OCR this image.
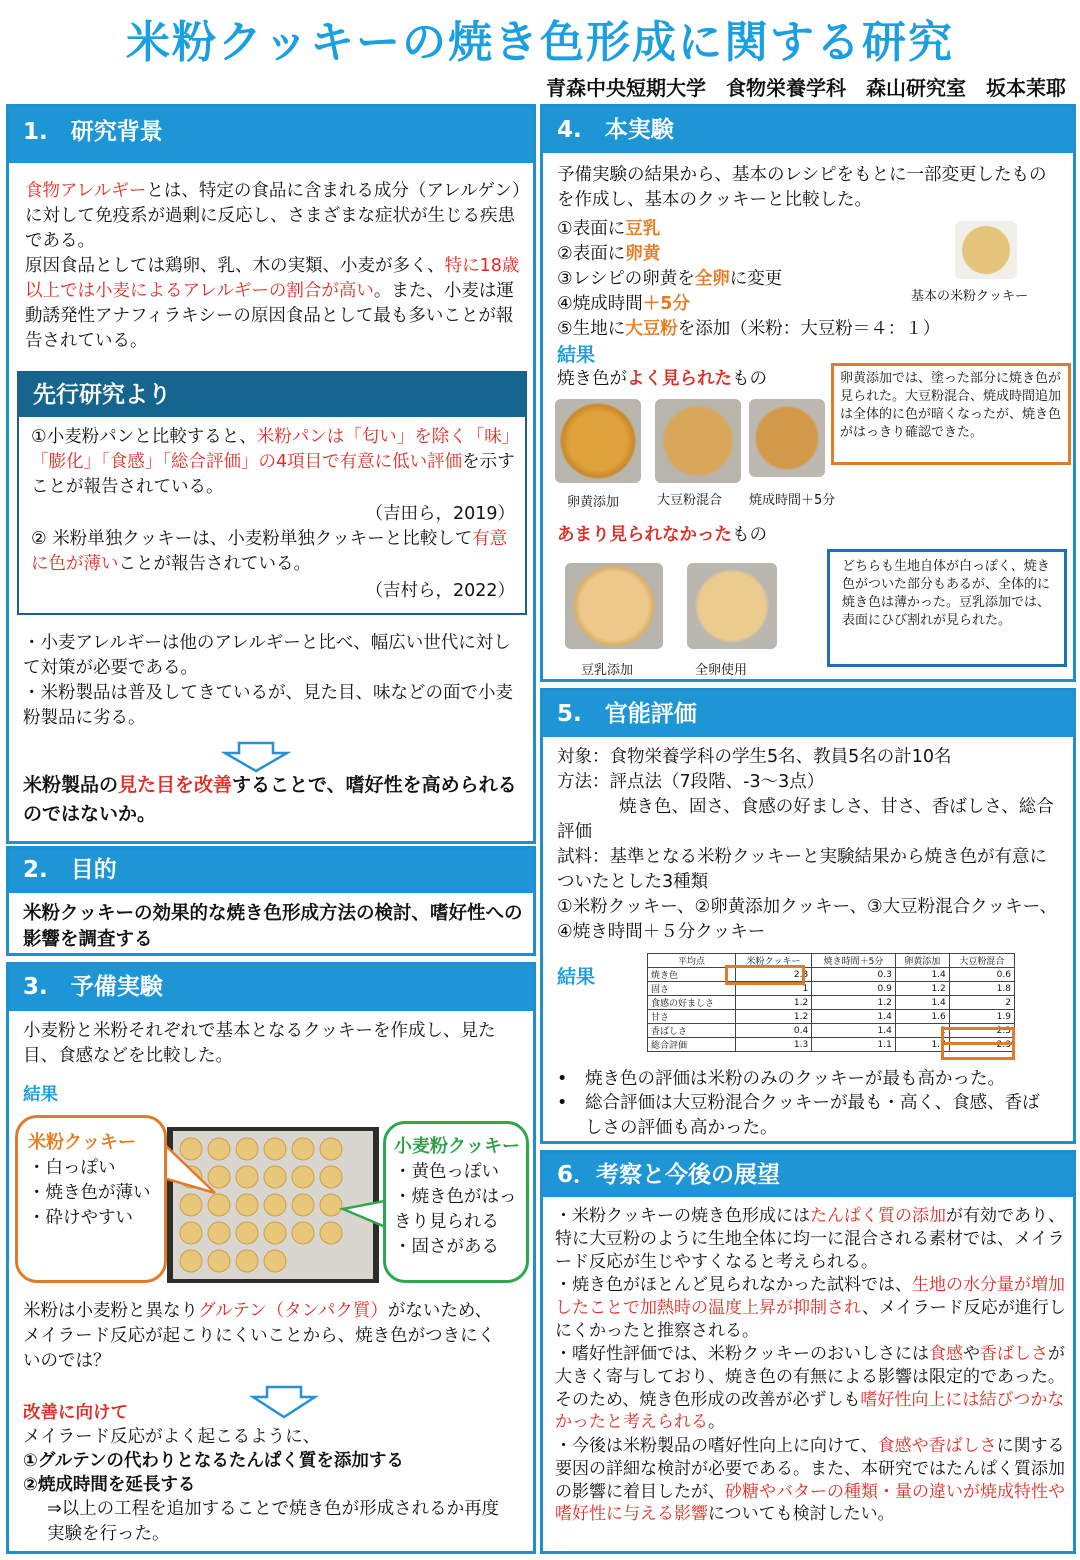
米粉クッキーの焼き色形成に関する研究
青森中央短期大学　食物栄養学科　森山研究室　坂本茉耶
1.　研究背景
食物アレルギーとは、特定の食品に含まれる成分（アレルゲン）に対して免疫系が過剰に反応し、さまざまな症状が生じる疾患である。
原因食品としては鶏卵、乳、木の実類、小麦が多く、特に18歳以上では小麦によるアレルギーの割合が高い。また、小麦は運動誘発性アナフィラキシーの原因食品として最も多いことが報告されている。
先行研究より
①小麦粉パンと比較すると、米粉パンは「匂い」を除く「味」「膨化」「食感」「総合評価」の4項目で有意に低い評価を示すことが報告されている。
（吉田ら，2019）
② 米粉単独クッキーは、小麦粉単独クッキーと比較して有意に色が薄いことが報告されている。
（吉村ら，2022）
・小麦アレルギーは他のアレルギーと比べ、幅広い世代に対して対策が必要である。
・米粉製品は普及してきているが、見た目、味などの面で小麦粉製品に劣る。
米粉製品の見た目を改善することで、嗜好性を高められるのではないか。
2.　目的
米粉クッキーの効果的な焼き色形成方法の検討、嗜好性への影響を調査する
3.　予備実験
小麦粉と米粉それぞれで基本となるクッキーを作成し、見た目、食感などを比較した。
結果
米粉クッキー
・白っぽい
・焼き色が薄い
・砕けやすい
小麦粉クッキー
・黄色っぽい
・焼き色がはっきり見られる
・固さがある
米粉は小麦粉と異なりグルテン（タンパク質）がないため、メイラード反応が起こりにくいことから、焼き色がつきにくいのでは？
改善に向けて
メイラード反応がよく起こるように、
①グルテンの代わりとなるたんぱく質を添加する
②焼成時間を延長する
⇒以上の工程を追加することで焼き色が形成されるか再度実験を行った。
4.　本実験
予備実験の結果から、基本のレシピをもとに一部変更したものを作成し、基本のクッキーと比較した。
①表面に豆乳
②表面に卵黄
③レシピの卵黄を全卵に変更
④焼成時間＋5分
⑤生地に大豆粉を添加（米粉：大豆粉＝４：１）
基本の米粉クッキー
結果
焼き色がよく見られたもの
卵黄添加	大豆粉混合 焼成時間＋5分
卵黄添加では、塗った部分に焼き色が見られた。大豆粉混合、焼成時間追加は全体的に色が暗くなったが、焼き色がはっきり確認できた。
あまり見られなかったもの
豆乳添加	全卵使用
どちらも生地自体が白っぽく、焼き色がついた部分もあるが、全体的に焼き色は薄かった。豆乳添加では、表面にひび割れが見られた。
5.　官能評価
対象：食物栄養学科の学生5名、教員5名の計10名
方法：評点法（7段階、-3〜3点）
焼き色、固さ、食感の好ましさ、甘さ、香ばしさ、総合評価
試料：基準となる米粉クッキーと実験結果から焼き色が有意についたとした3種類
①米粉クッキー、②卵黄添加クッキー、③大豆粉混合クッキー、④焼き時間＋５分クッキー
結果
平均点	米粉クッキー	焼き時間＋5分	卵黄添加	大豆粉混合
焼き色	2.3	0.3	1.4	0.6
固さ	1	0.9	1.2	1.8
食感の好ましさ	1.2	1.2	1.4	2
甘さ	1.2	1.4	1.6	1.9
香ばしさ	0.4	1.4	1	2.3
総合評価	1.3	1.1	1.7	2.3
• 焼き色の評価は米粉のみのクッキーが最も高かった。
• 総合評価は大豆粉混合クッキーが最も・高く、食感、香ばしさの評価も高かった。
6．考察と今後の展望
・米粉クッキーの焼き色形成にはたんぱく質の添加が有効であり、特に大豆粉のように生地全体に均一に混合される素材では、メイラード反応が生じやすくなると考えられる。
・焼き色がほとんど見られなかった試料では、生地の水分量が増加したことで加熱時の温度上昇が抑制され、メイラード反応が進行しにくかったと推察される。
・嗜好性評価では、米粉クッキーのおいしさには食感や香ばしさが大きく寄与しており、焼き色の有無による影響は限定的であった。そのため、焼き色形成の改善が必ずしも嗜好性向上には結びつかなかったと考えられる。
・今後は米粉製品の嗜好性向上に向けて、食感や香ばしさに関する要因の詳細な検討が必要である。また、本研究ではたんぱく質添加の影響に着目したが、砂糖やバターの種類・量の違いが焼成特性や嗜好性に与える影響についても検討したい。
